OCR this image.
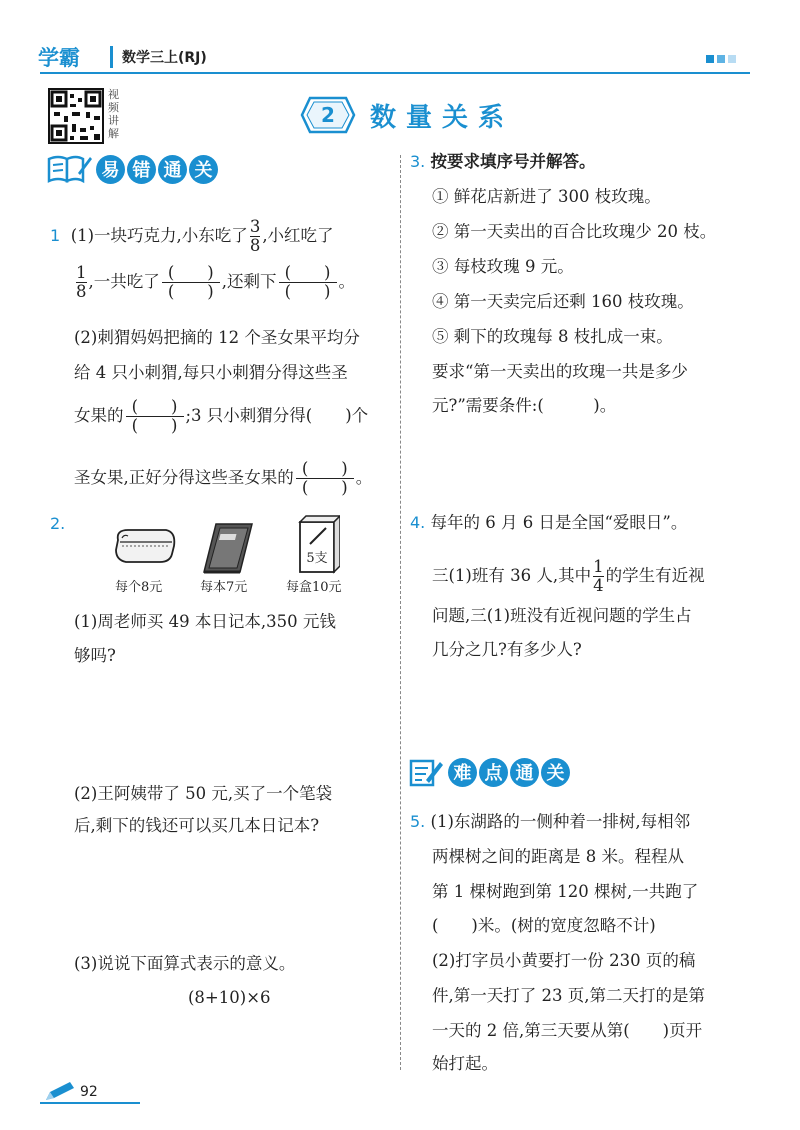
学霸	数学三上(RJ)
视频讲解
2 数量关系
易 错 通 关
1 (1)一块巧克力,小东吃了 $\frac{3}{8}$ ,小红吃了
$\frac{1}{8}$ ,一共吃了 $\frac{( )}{( )}$ ,还剩下 $\frac{( )}{( )}$ 。
(2)刺猬妈妈把摘的 12 个圣女果平均分
给 4 只小刺猬,每只小刺猬分得这些圣
女果的 $\frac{( )}{( )}$ ;3 只小刺猬分得(　　)个
圣女果,正好分得这些圣女果的 $\frac{( )}{( )}$ 。
2.
5支
每个8元	每本7元	每盒10元
(1)周老师买 49 本日记本,350 元钱
够吗?
(2)王阿姨带了 50 元,买了一个笔袋
后,剩下的钱还可以买几本日记本?
(3)说说下面算式表示的意义。
(8+10)×6
3. 按要求填序号并解答。
① 鲜花店新进了 300 枝玫瑰。
② 第一天卖出的百合比玫瑰少 20 枝。
③ 每枝玫瑰 9 元。
④ 第一天卖完后还剩 160 枝玫瑰。
⑤ 剩下的玫瑰每 8 枝扎成一束。
要求“第一天卖出的玫瑰一共是多少
元?”需要条件:(　　　)。
4. 每年的 6 月 6 日是全国“爱眼日”。
三(1)班有 36 人,其中 $\frac{1}{4}$ 的学生有近视
问题,三(1)班没有近视问题的学生占
几分之几?有多少人?
难 点 通 关
5. (1)东湖路的一侧种着一排树,每相邻
两棵树之间的距离是 8 米。程程从
第 1 棵树跑到第 120 棵树,一共跑了
(　　)米。(树的宽度忽略不计)
(2)打字员小黄要打一份 230 页的稿
件,第一天打了 23 页,第二天打的是第
一天的 2 倍,第三天要从第(　　)页开
始打起。
92
